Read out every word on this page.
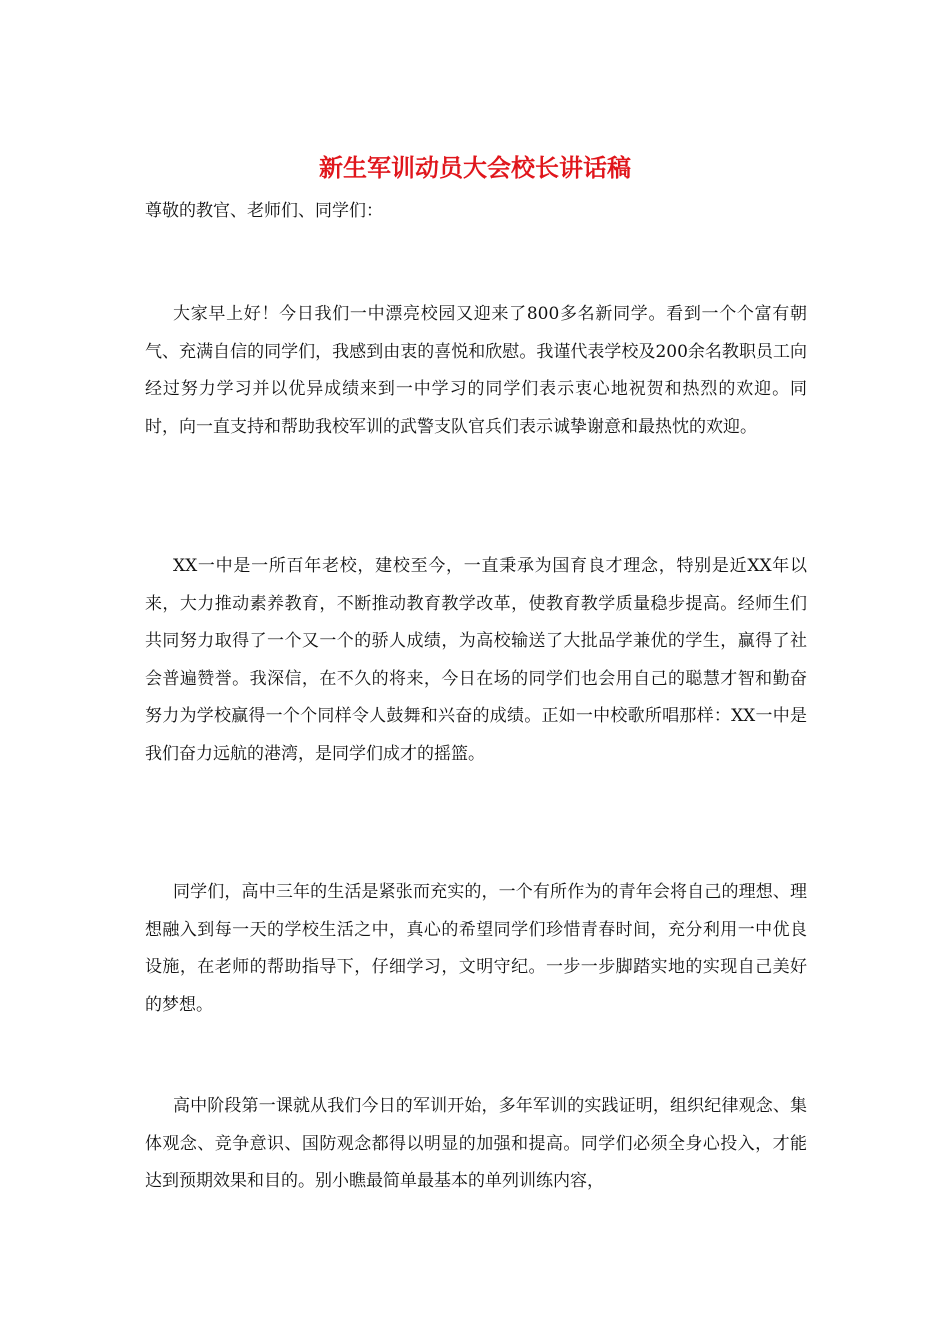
新生军训动员大会校长讲话稿

尊敬的教官、老师们、同学们：

大家早上好！今日我们一中漂亮校园又迎来了800多名新同学。看到一个个富有朝气、充满自信的同学们，我感到由衷的喜悦和欣慰。我谨代表学校及200余名教职员工向经过努力学习并以优异成绩来到一中学习的同学们表示衷心地祝贺和热烈的欢迎。同时，向一直支持和帮助我校军训的武警支队官兵们表示诚挚谢意和最热忱的欢迎。

XX一中是一所百年老校，建校至今，一直秉承为国育良才理念，特别是近XX年以来，大力推动素养教育，不断推动教育教学改革，使教育教学质量稳步提高。经师生们共同努力取得了一个又一个的骄人成绩，为高校输送了大批品学兼优的学生，赢得了社会普遍赞誉。我深信，在不久的将来，今日在场的同学们也会用自己的聪慧才智和勤奋努力为学校赢得一个个同样令人鼓舞和兴奋的成绩。正如一中校歌所唱那样：XX一中是我们奋力远航的港湾，是同学们成才的摇篮。

同学们，高中三年的生活是紧张而充实的，一个有所作为的青年会将自己的理想、理想融入到每一天的学校生活之中，真心的希望同学们珍惜青春时间，充分利用一中优良设施，在老师的帮助指导下，仔细学习，文明守纪。一步一步脚踏实地的实现自己美好的梦想。

高中阶段第一课就从我们今日的军训开始，多年军训的实践证明，组织纪律观念、集体观念、竞争意识、国防观念都得以明显的加强和提高。同学们必须全身心投入，才能达到预期效果和目的。别小瞧最简单最基本的单列训练内容，
